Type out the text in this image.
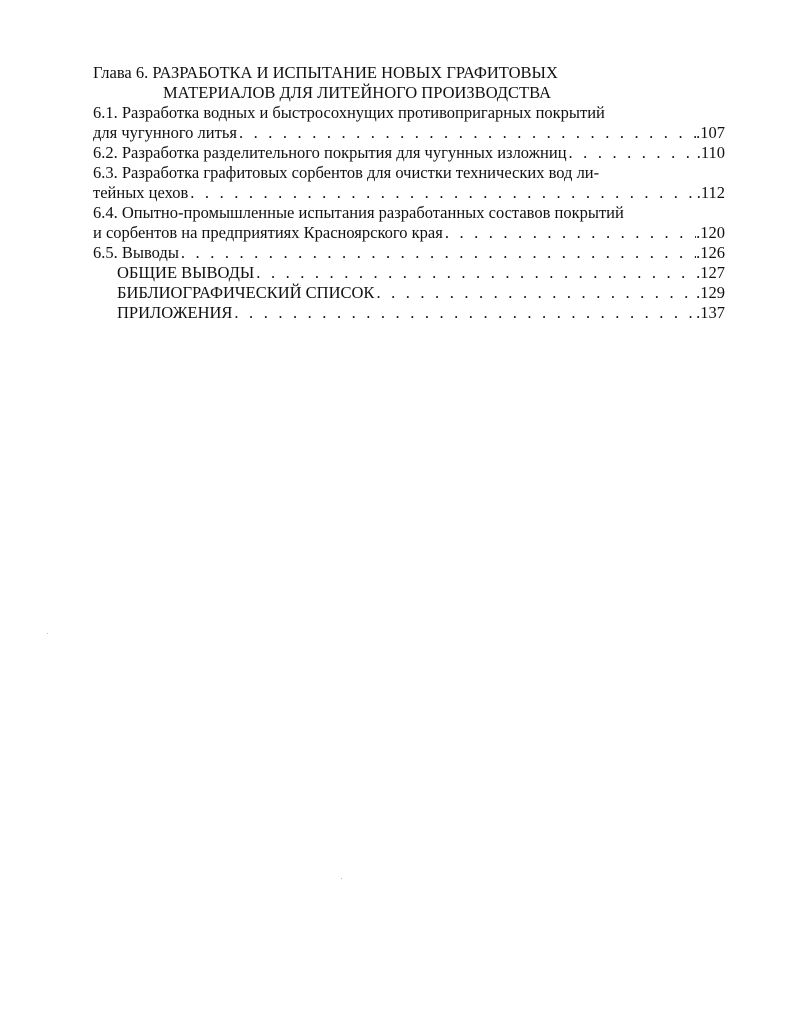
Глава 6. РАЗРАБОТКА И ИСПЫТАНИЕ НОВЫХ ГРАФИТОВЫХ
МАТЕРИАЛОВ ДЛЯ ЛИТЕЙНОГО ПРОИЗВОДСТВА
6.1. Разработка водных и быстросохнущих противопригарных покрытий
для чугунного литья . . .	.107
6.2. Разработка разделительного покрытия для чугунных изложниц . . .	.110
6.3. Разработка графитовых сорбентов для очистки технических вод ли-
тейных цехов . . .	.112
6.4. Опытно-промышленные испытания разработанных составов покрытий
и сорбентов на предприятиях Красноярского края . . .	.120
6.5. Выводы . . .	.126
ОБЩИЕ ВЫВОДЫ . . .	.127
БИБЛИОГРАФИЧЕСКИЙ СПИСОК . . .	.129
ПРИЛОЖЕНИЯ . . .	.137
